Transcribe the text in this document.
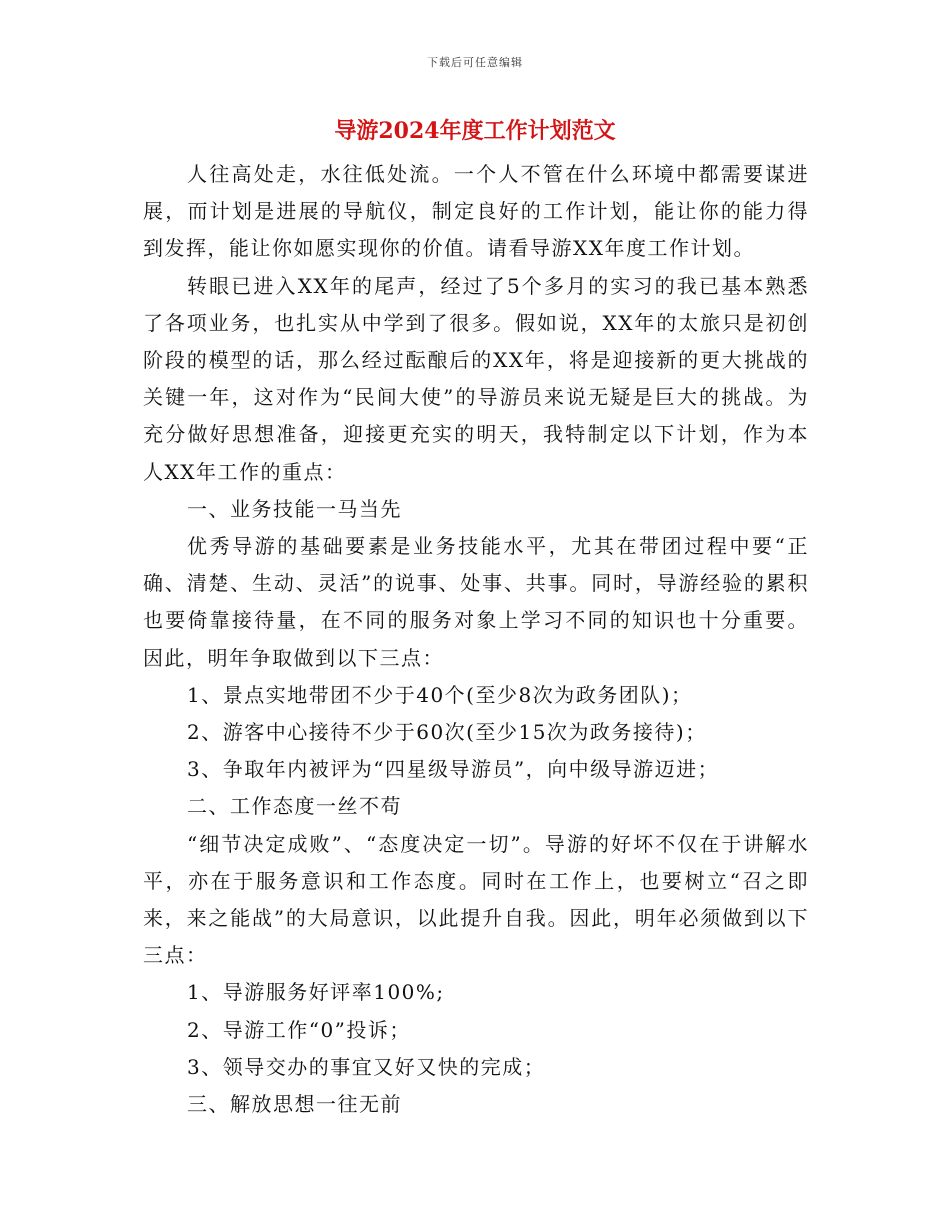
下载后可任意编辑
导游2024年度工作计划范文

人往高处走，水往低处流。一个人不管在什么环境中都需要谋进展，而计划是进展的导航仪，制定良好的工作计划，能让你的能力得到发挥，能让你如愿实现你的价值。请看导游XX年度工作计划。

转眼已进入XX年的尾声，经过了5个多月的实习的我已基本熟悉了各项业务，也扎实从中学到了很多。假如说，XX年的太旅只是初创阶段的模型的话，那么经过酝酿后的XX年，将是迎接新的更大挑战的关键一年，这对作为“民间大使”的导游员来说无疑是巨大的挑战。为充分做好思想准备，迎接更充实的明天，我特制定以下计划，作为本人XX年工作的重点：

一、业务技能一马当先

优秀导游的基础要素是业务技能水平，尤其在带团过程中要“正确、清楚、生动、灵活”的说事、处事、共事。同时，导游经验的累积也要倚靠接待量，在不同的服务对象上学习不同的知识也十分重要。因此，明年争取做到以下三点：

1、景点实地带团不少于40个(至少8次为政务团队)；

2、游客中心接待不少于60次(至少15次为政务接待)；

3、争取年内被评为“四星级导游员”，向中级导游迈进；

二、工作态度一丝不苟

“细节决定成败”、“态度决定一切”。导游的好坏不仅在于讲解水平，亦在于服务意识和工作态度。同时在工作上，也要树立“召之即来，来之能战”的大局意识，以此提升自我。因此，明年必须做到以下三点：

1、导游服务好评率100%;

2、导游工作“0”投诉；

3、领导交办的事宜又好又快的完成；

三、解放思想一往无前
